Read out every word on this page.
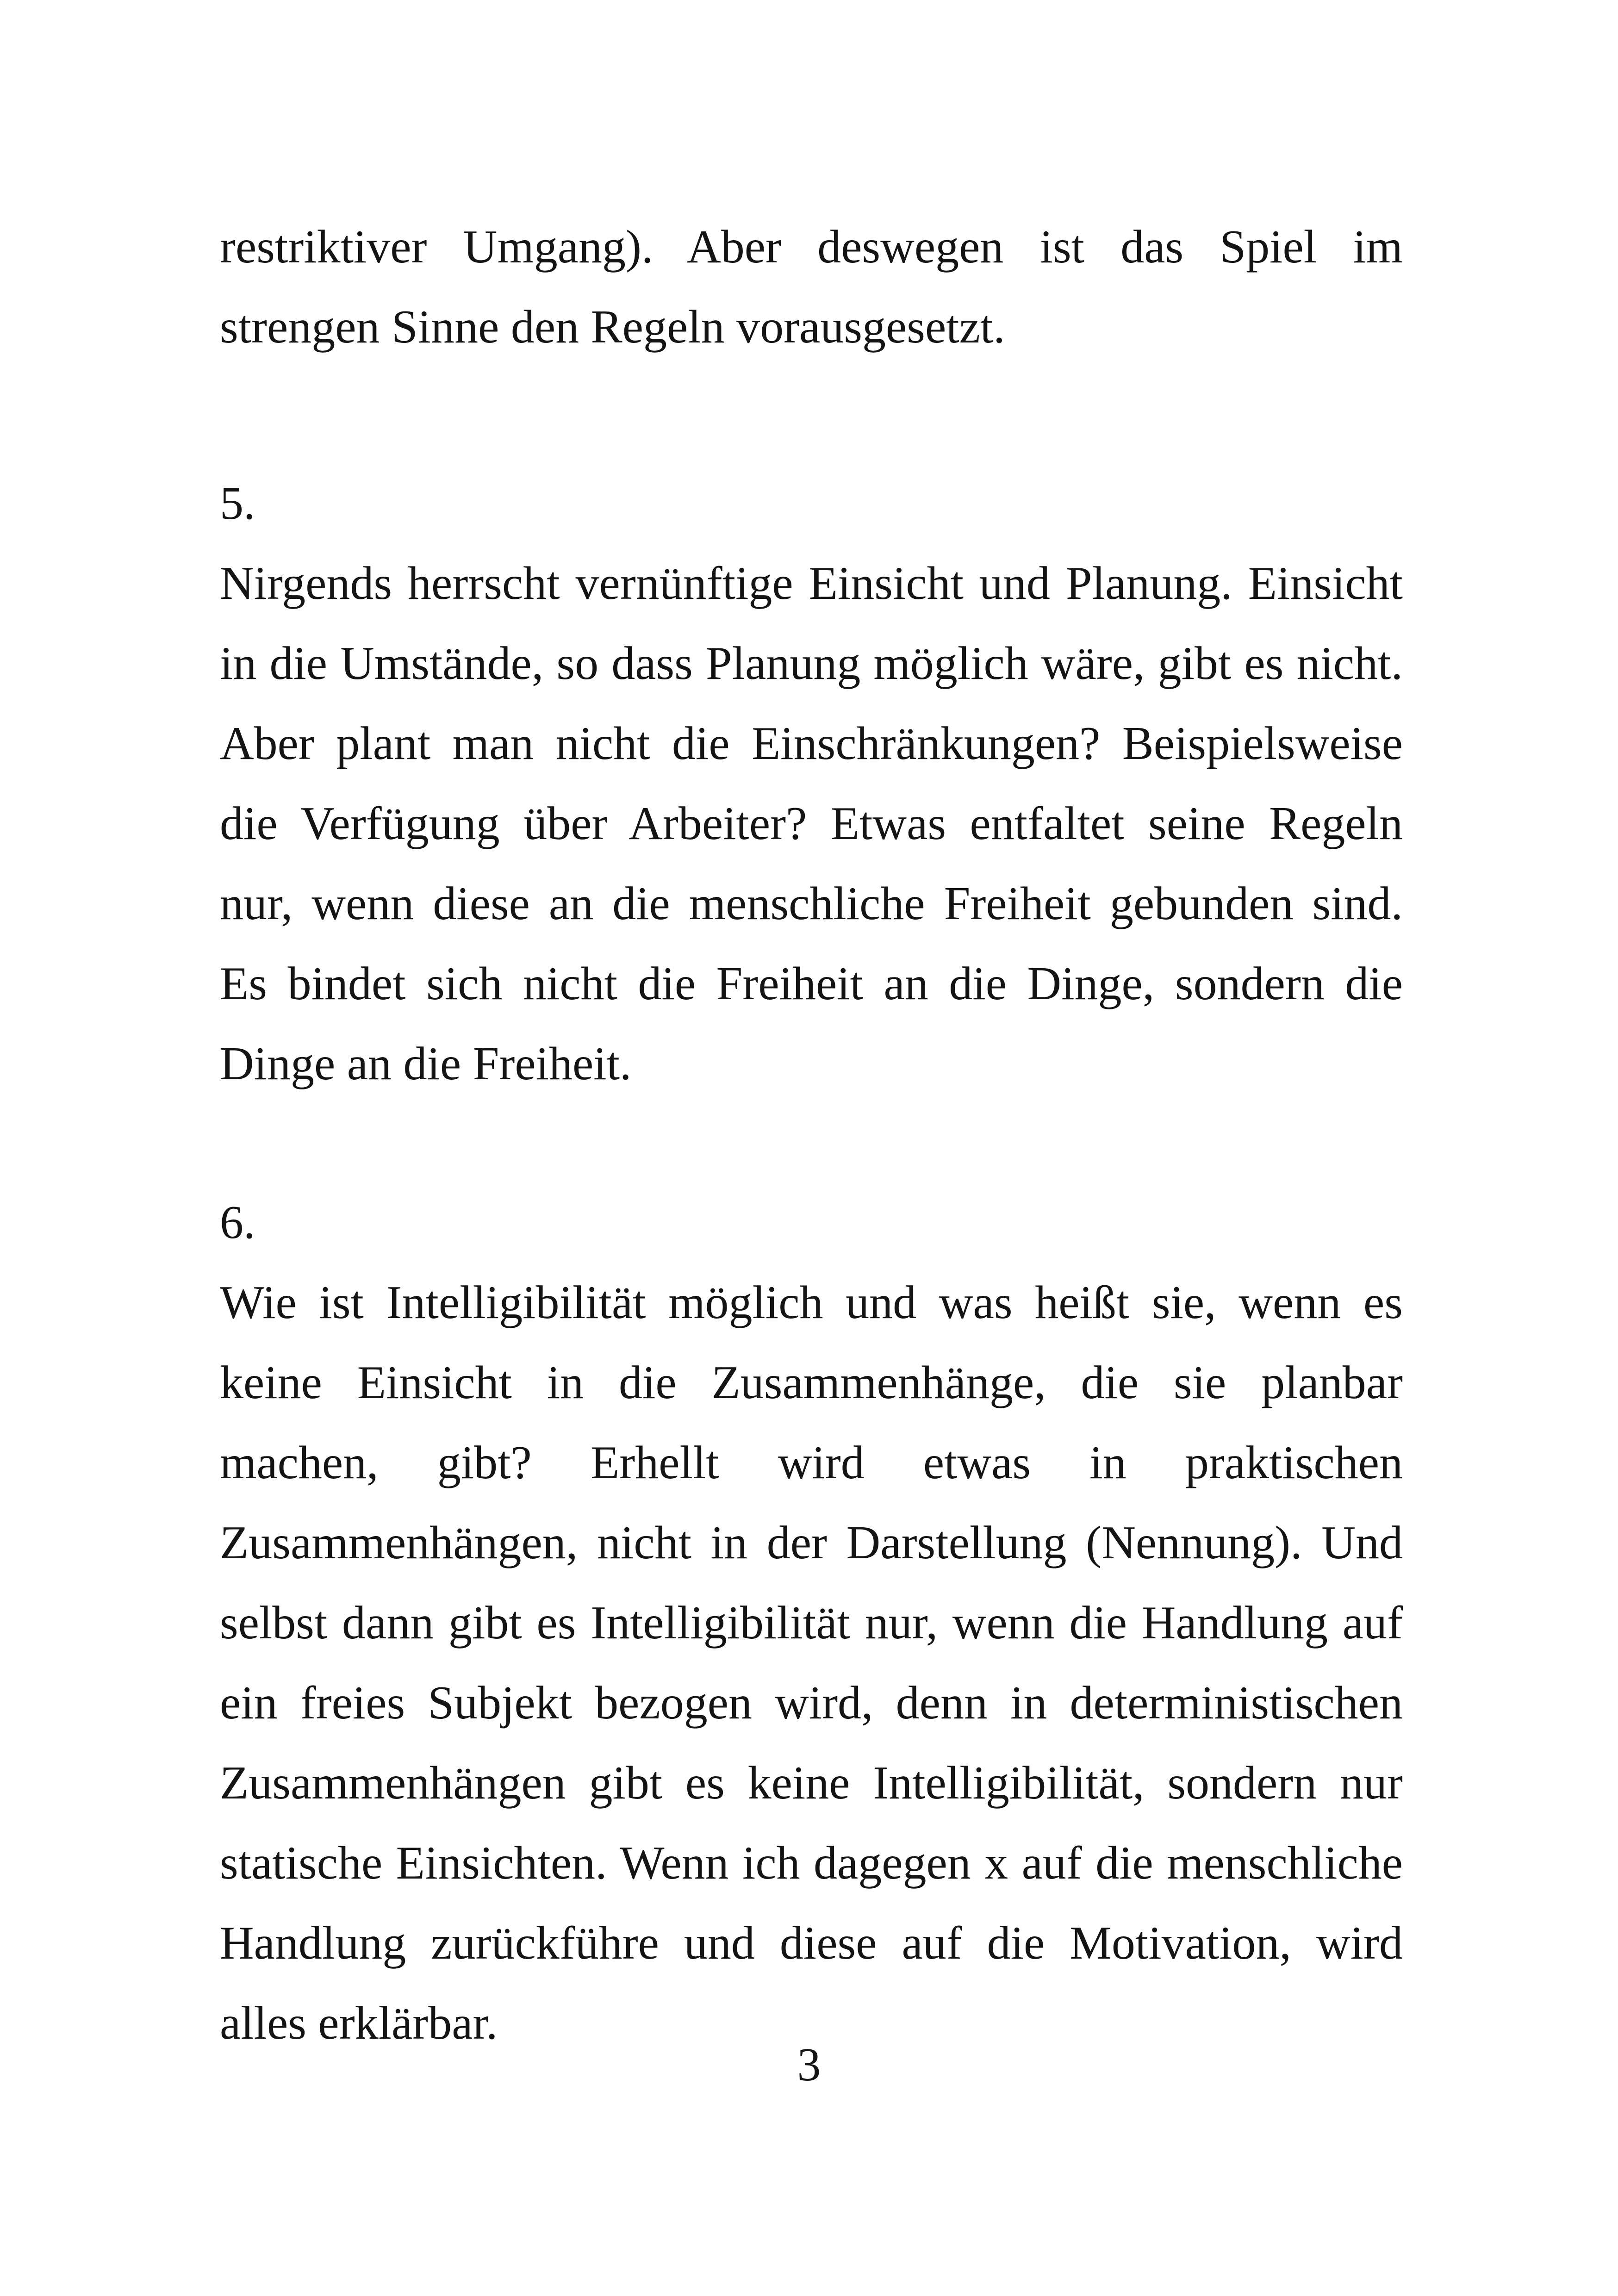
restriktiver Umgang). Aber deswegen ist das Spiel im strengen Sinne den Regeln vorausgesetzt.

5.
Nirgends herrscht vernünftige Einsicht und Planung. Einsicht in die Umstände, so dass Planung möglich wäre, gibt es nicht. Aber plant man nicht die Einschränkungen? Beispielsweise die Verfügung über Arbeiter? Etwas entfaltet seine Regeln nur, wenn diese an die menschliche Freiheit gebunden sind. Es bindet sich nicht die Freiheit an die Dinge, sondern die Dinge an die Freiheit.
6.
Wie ist Intelligibilität möglich und was heißt sie, wenn es keine Einsicht in die Zusammenhänge, die sie planbar machen, gibt? Erhellt wird etwas in praktischen Zusammenhängen, nicht in der Darstellung (Nennung). Und selbst dann gibt es Intelligibilität nur, wenn die Handlung auf ein freies Subjekt bezogen wird, denn in deterministischen Zusammenhängen gibt es keine Intelligibilität, sondern nur statische Einsichten. Wenn ich dagegen x auf die menschliche Handlung zurückführe und diese auf die Motivation, wird alles erklärbar.
3
